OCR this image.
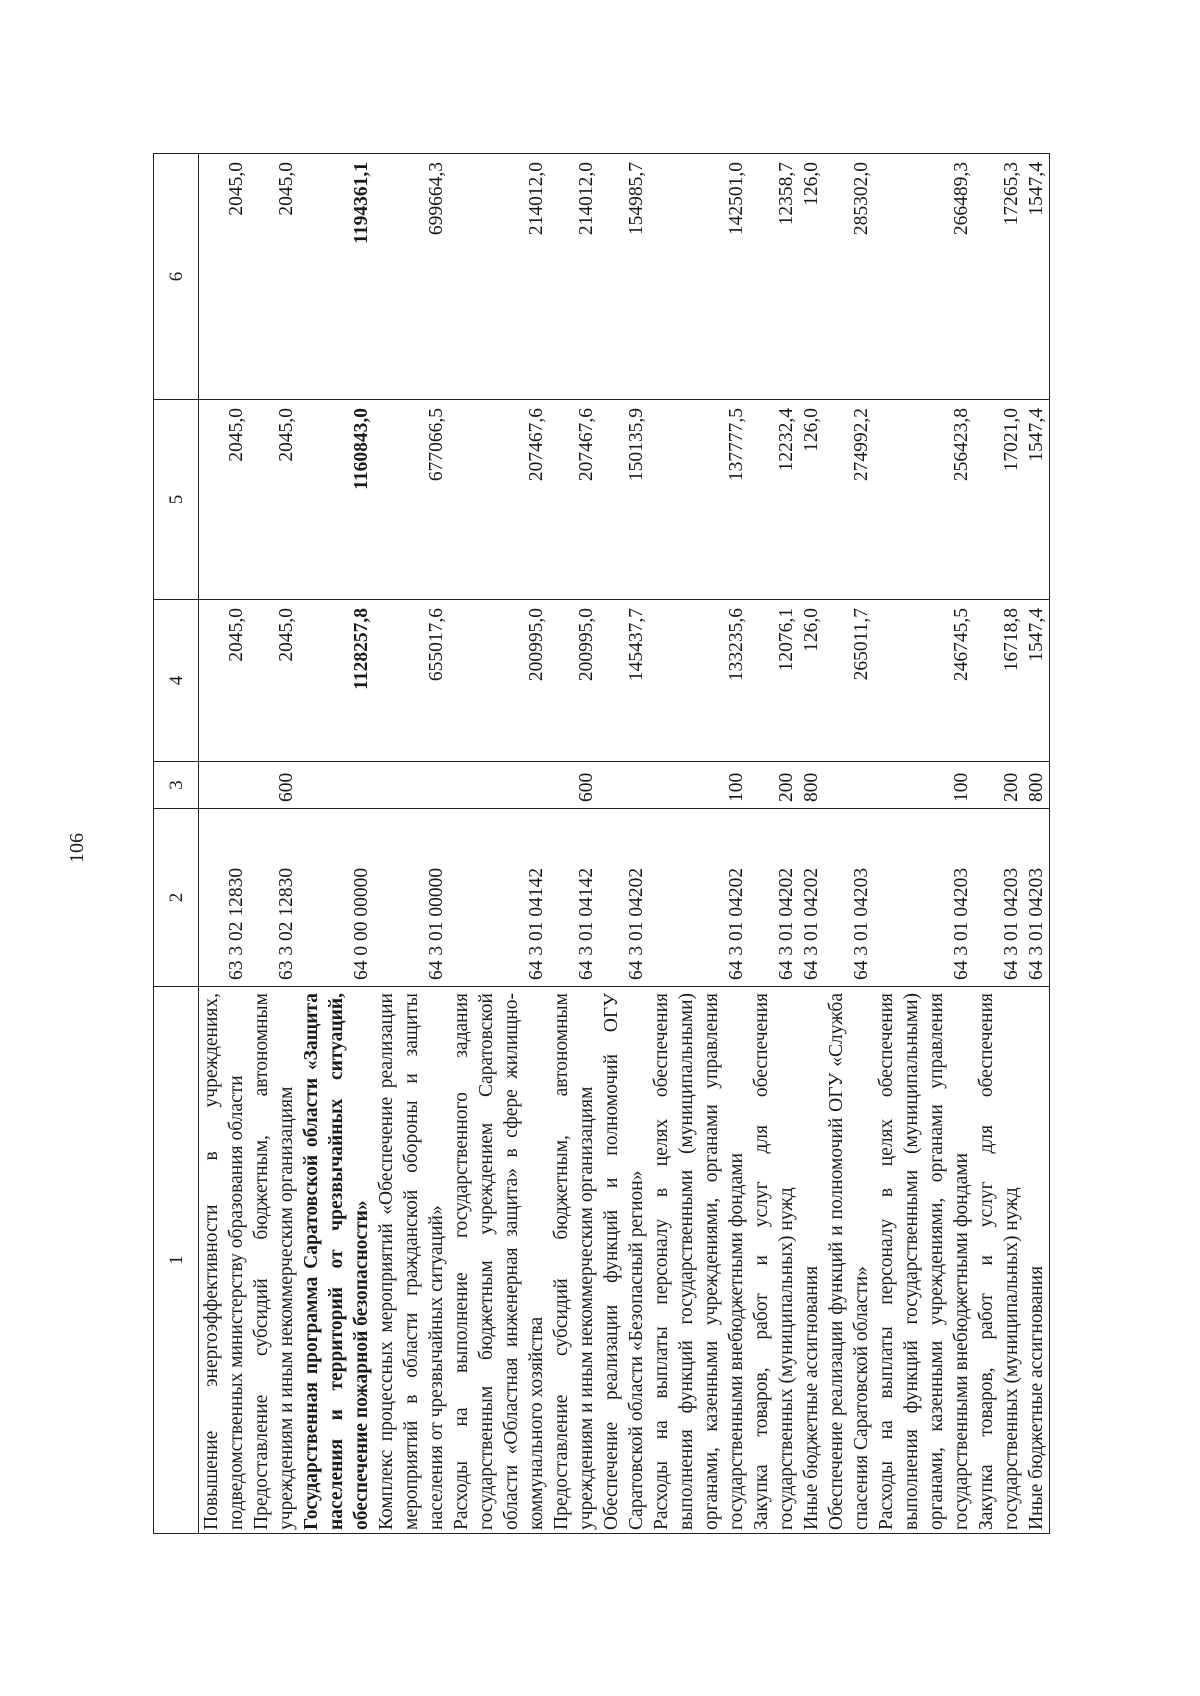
106
1	2	3	4	5	6
Повышение энергоэффективности в учреждениях, подведомственных министерству образования области	63 3 02 12830		2045,0	2045,0	2045,0
Предоставление субсидий бюджетным, автономным учреждениям и иным некоммерческим организациям	63 3 02 12830	600	2045,0	2045,0	2045,0
Государственная программа Саратовской области «Защита населения и территорий от чрезвычайных ситуаций, обеспечение пожарной безопасности»	64 0 00 00000		1128257,8	1160843,0	1194361,1
Комплекс процессных мероприятий «Обеспечение реализации мероприятий в области гражданской обороны и защиты населения от чрезвычайных ситуаций»	64 3 01 00000		655017,6	677066,5	699664,3
Расходы на выполнение государственного задания государственным бюджетным учреждением Саратовской области «Областная инженерная защита» в сфере жилищно-коммунального хозяйства	64 3 01 04142		200995,0	207467,6	214012,0
Предоставление субсидий бюджетным, автономным учреждениям и иным некоммерческим организациям	64 3 01 04142	600	200995,0	207467,6	214012,0
Обеспечение реализации функций и полномочий ОГУ Саратовской области «Безопасный регион»	64 3 01 04202		145437,7	150135,9	154985,7
Расходы на выплаты персоналу в целях обеспечения выполнения функций государственными (муниципальными) органами, казенными учреждениями, органами управления государственными внебюджетными фондами	64 3 01 04202	100	133235,6	137777,5	142501,0
Закупка товаров, работ и услуг для обеспечения государственных (муниципальных) нужд	64 3 01 04202	200	12076,1	12232,4	12358,7
Иные бюджетные ассигнования	64 3 01 04202	800	126,0	126,0	126,0
Обеспечение реализации функций и полномочий ОГУ «Служба спасения Саратовской области»	64 3 01 04203		265011,7	274992,2	285302,0
Расходы на выплаты персоналу в целях обеспечения выполнения функций государственными (муниципальными) органами, казенными учреждениями, органами управления государственными внебюджетными фондами	64 3 01 04203	100	246745,5	256423,8	266489,3
Закупка товаров, работ и услуг для обеспечения государственных (муниципальных) нужд	64 3 01 04203	200	16718,8	17021,0	17265,3
Иные бюджетные ассигнования	64 3 01 04203	800	1547,4	1547,4	1547,4
